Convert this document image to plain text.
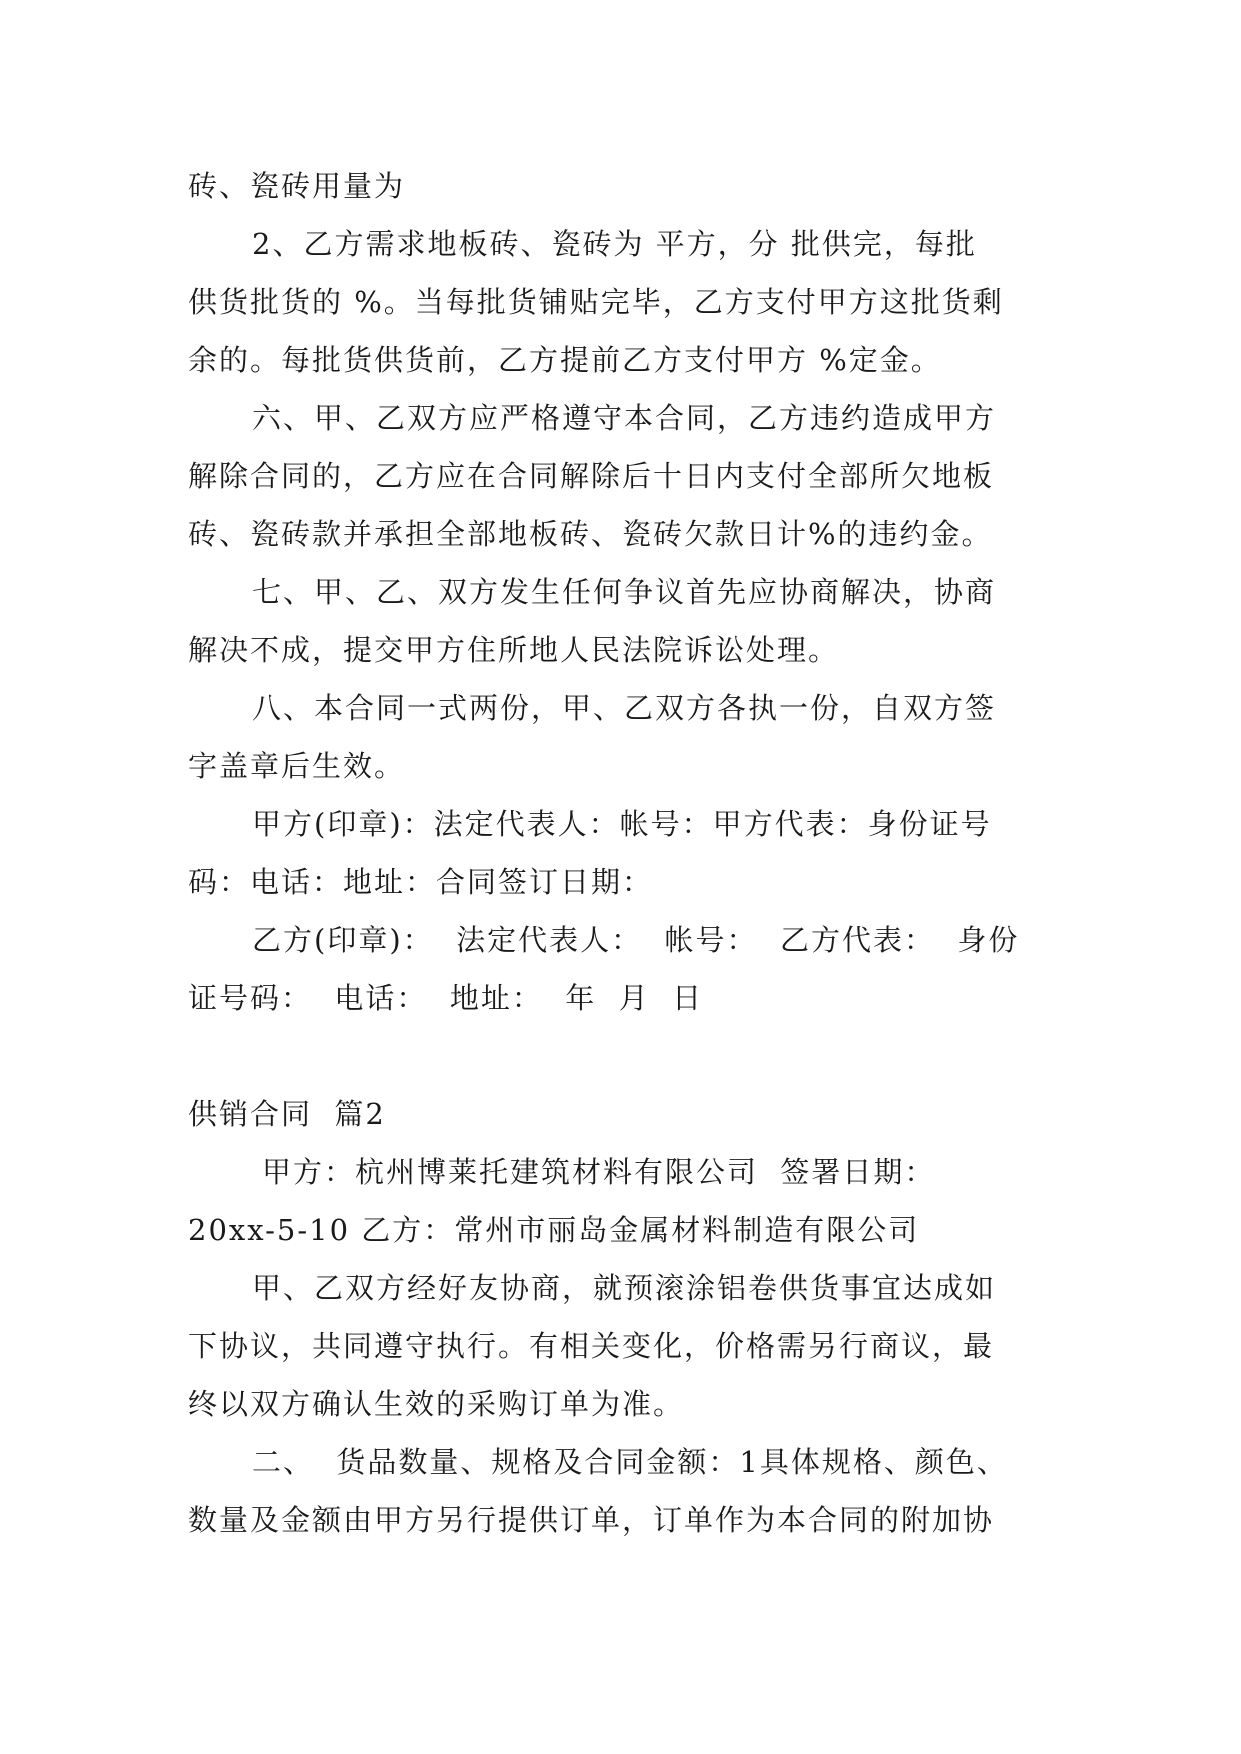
砖、瓷砖用量为
2、乙方需求地板砖、瓷砖为 平方，分 批供完，每批
供货批货的 %。当每批货铺贴完毕，乙方支付甲方这批货剩
余的。每批货供货前，乙方提前乙方支付甲方 %定金。
六、甲、乙双方应严格遵守本合同，乙方违约造成甲方
解除合同的，乙方应在合同解除后十日内支付全部所欠地板
砖、瓷砖款并承担全部地板砖、瓷砖欠款日计%的违约金。
七、甲、乙、双方发生任何争议首先应协商解决，协商
解决不成，提交甲方住所地人民法院诉讼处理。
八、本合同一式两份，甲、乙双方各执一份，自双方签
字盖章后生效。
甲方(印章)：法定代表人：帐号：甲方代表：身份证号
码：电话：地址：合同签订日期：
乙方(印章)：  法定代表人：  帐号：  乙方代表：  身份
证号码：  电话：  地址：  年  月  日
供销合同  篇2
甲方：杭州博莱托建筑材料有限公司  签署日期：
20xx-5-10 乙方：常州市丽岛金属材料制造有限公司
甲、乙双方经好友协商，就预滚涂铝卷供货事宜达成如
下协议，共同遵守执行。有相关变化，价格需另行商议，最
终以双方确认生效的采购订单为准。
二、  货品数量、规格及合同金额：1具体规格、颜色、
数量及金额由甲方另行提供订单，订单作为本合同的附加协
